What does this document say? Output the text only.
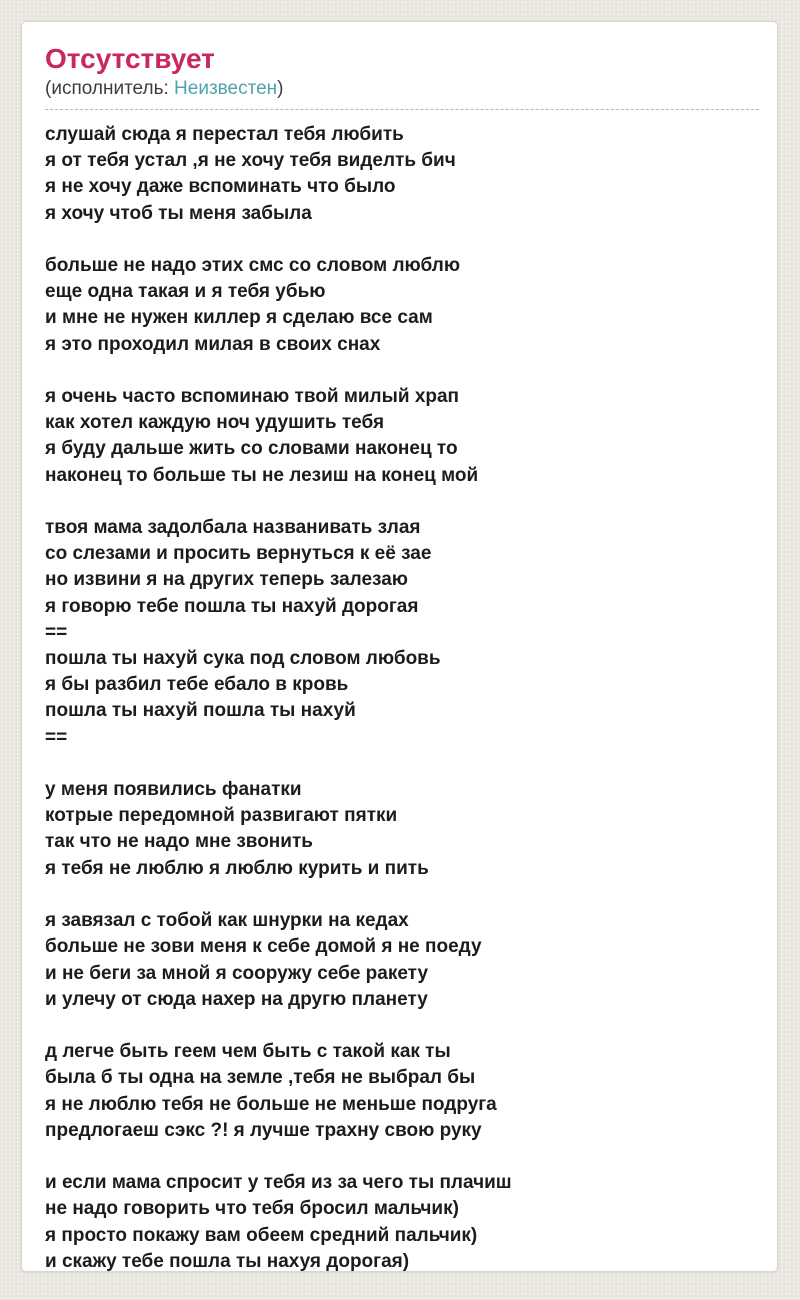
Отсутствует
(исполнитель: Неизвестен)
слушай сюда я перестал тебя любить
я от тебя устал ,я не хочу тебя виделть бич
я не хочу даже вспоминать что было
я хочу чтоб ты меня забыла

больше не надо этих смс со словом люблю
еще одна такая и я тебя убью
и мне не нужен киллер я сделаю все сам
я это проходил милая в своих снах

я очень часто вспоминаю твой милый храп
как хотел каждую ноч удушить тебя
я буду дальше жить со словами наконец то
наконец то больше ты не лезиш на конец мой

твоя мама задолбала названивать злая
со слезами и просить вернуться к её зае
но извини я на других теперь залезаю
я говорю тебе пошла ты нахуй дорогая
==
пошла ты нахуй сука под словом любовь
я бы разбил тебе ебало в кровь
пошла ты нахуй пошла ты нахуй
==

у меня появились фанатки
котрые передомной развигают пятки
так что не надо мне звонить
я тебя не люблю я люблю курить и пить

я завязал с тобой как шнурки на кедах
больше не зови меня к себе домой я не поеду
и не беги за мной я сооружу себе ракету
и улечу от сюда нахер на другю планету

д легче быть геем чем быть с такой как ты
была б ты одна на земле ,тебя не выбрал бы
я не люблю тебя не больше не меньше подруга
предлогаеш сэкс ?! я лучше трахну свою руку

и если мама спросит у тебя из за чего ты плачиш
не надо говорить что тебя бросил мальчик)
я просто покажу вам обеем средний пальчик)
и скажу тебе пошла ты нахуя дорогая)
